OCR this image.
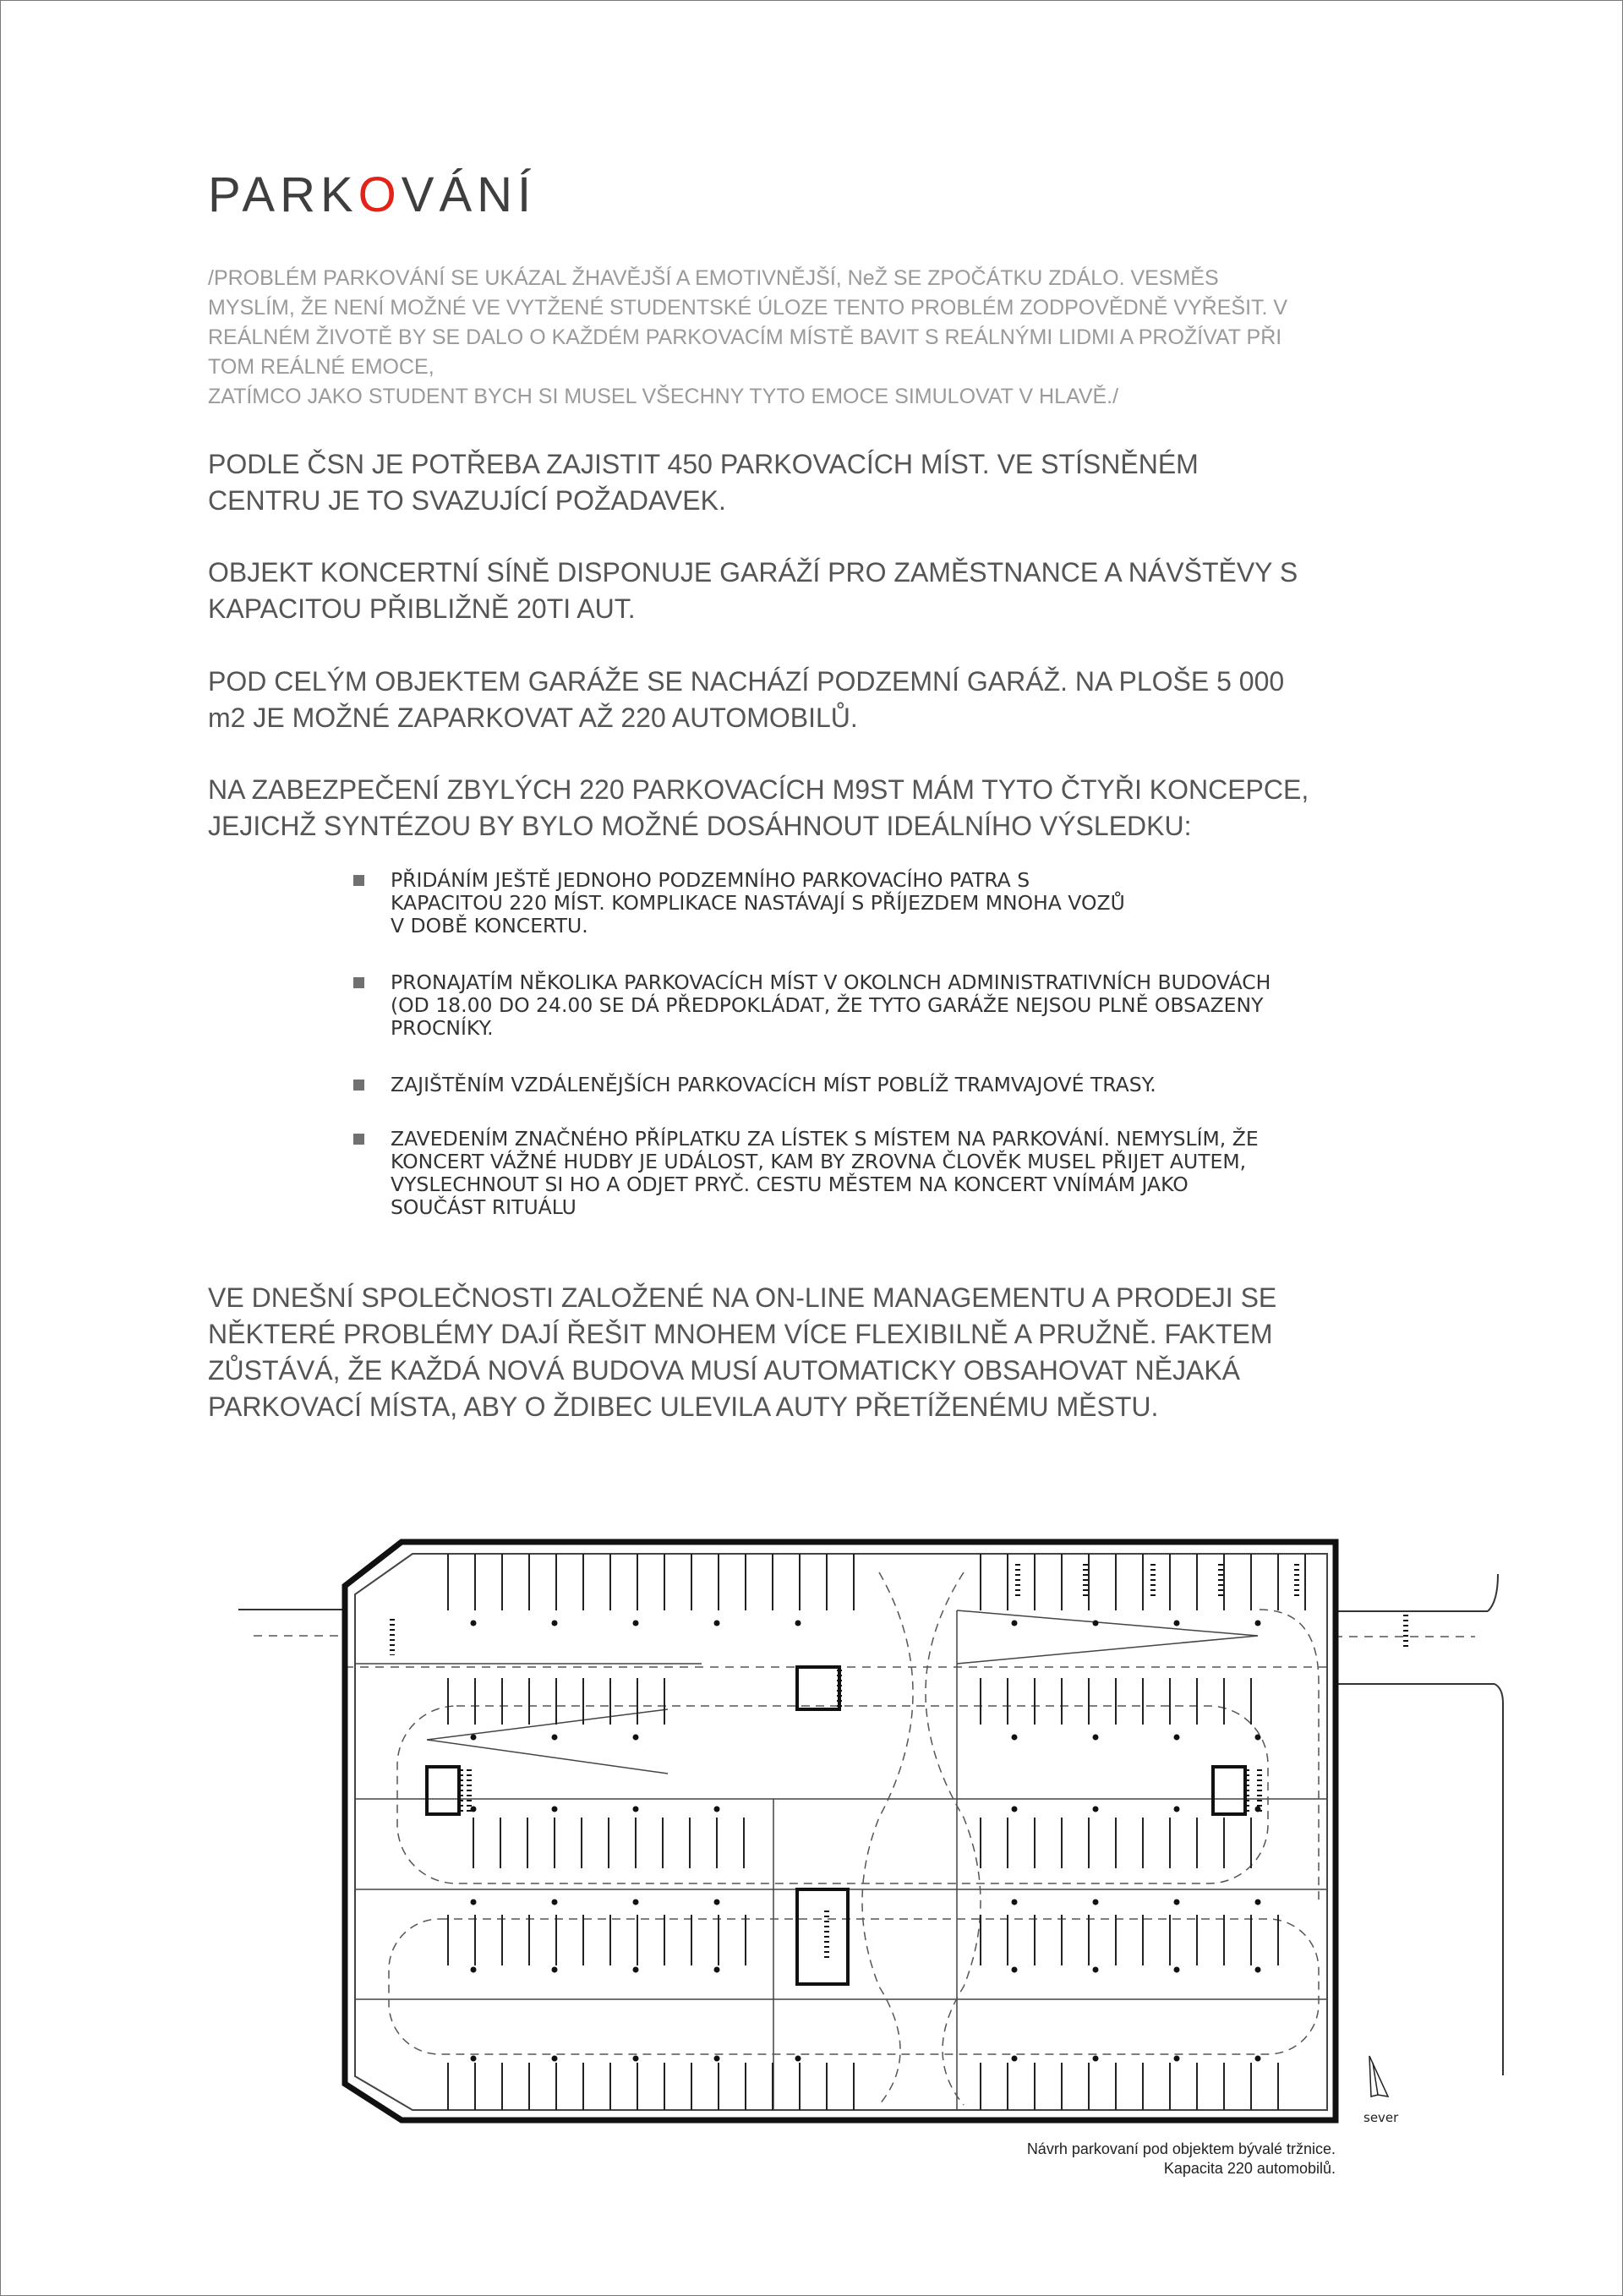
PARKOVÁNÍ

/PROBLÉM PARKOVÁNÍ SE UKÁZAL ŽHAVĚJŠÍ A EMOTIVNĚJŠÍ, NeŽ SE ZPOČÁTKU ZDÁLO. VESMĚS
MYSLÍM, ŽE NENÍ MOŽNÉ VE VYTŽENÉ STUDENTSKÉ ÚLOZE TENTO PROBLÉM ZODPOVĚDNĚ VYŘEŠIT. V
REÁLNÉM ŽIVOTĚ BY SE DALO O KAŽDÉM PARKOVACÍM MÍSTĚ BAVIT S REÁLNÝMI LIDMI A PROŽÍVAT PŘI
TOM REÁLNÉ EMOCE,
ZATÍMCO JAKO STUDENT BYCH SI MUSEL VŠECHNY TYTO EMOCE SIMULOVAT V HLAVĚ./

PODLE ČSN JE POTŘEBA ZAJISTIT 450 PARKOVACÍCH MÍST. VE STÍSNĚNÉM
CENTRU JE TO SVAZUJÍCÍ POŽADAVEK.

OBJEKT KONCERTNÍ SÍNĚ DISPONUJE GARÁŽÍ PRO ZAMĚSTNANCE A NÁVŠTĚVY S
KAPACITOU PŘIBLIŽNĚ 20TI AUT.

POD CELÝM OBJEKTEM GARÁŽE SE NACHÁZÍ PODZEMNÍ GARÁŽ. NA PLOŠE 5 000
m2 JE MOŽNÉ ZAPARKOVAT AŽ 220 AUTOMOBILŮ.

NA ZABEZPEČENÍ ZBYLÝCH 220 PARKOVACÍCH M9ST MÁM TYTO ČTYŘI KONCEPCE,
JEJICHŽ SYNTÉZOU BY BYLO MOŽNÉ DOSÁHNOUT IDEÁLNÍHO VÝSLEDKU:

PŘIDÁNÍM JEŠTĚ JEDNOHO PODZEMNÍHO PARKOVACÍHO PATRA S
KAPACITOU 220 MÍST. KOMPLIKACE NASTÁVAJÍ S PŘÍJEZDEM MNOHA VOZŮ
V DOBĚ KONCERTU.
PRONAJATÍM NĚKOLIKA PARKOVACÍCH MÍST V OKOLNCH ADMINISTRATIVNÍCH BUDOVÁCH
(OD 18.00 DO 24.00 SE DÁ PŘEDPOKLÁDAT, ŽE TYTO GARÁŽE NEJSOU PLNĚ OBSAZENY
PROCNÍKY.
ZAJIŠTĚNÍM VZDÁLENĚJŠÍCH PARKOVACÍCH MÍST POBLÍŽ TRAMVAJOVÉ TRASY.
ZAVEDENÍM ZNAČNÉHO PŘÍPLATKU ZA LÍSTEK S MÍSTEM NA PARKOVÁNÍ. NEMYSLÍM, ŽE
KONCERT VÁŽNÉ HUDBY JE UDÁLOST, KAM BY ZROVNA ČLOVĚK MUSEL PŘIJET AUTEM,
VYSLECHNOUT SI HO A ODJET PRYČ. CESTU MĚSTEM NA KONCERT VNÍMÁM JAKO
SOUČÁST RITUÁLU

VE DNEŠNÍ SPOLEČNOSTI ZALOŽENÉ NA ON-LINE MANAGEMENTU A PRODEJI SE
NĚKTERÉ PROBLÉMY DAJÍ ŘEŠIT MNOHEM VÍCE FLEXIBILNĚ A PRUŽNĚ. FAKTEM
ZŮSTÁVÁ, ŽE KAŽDÁ NOVÁ BUDOVA MUSÍ AUTOMATICKY OBSAHOVAT NĚJAKÁ
PARKOVACÍ MÍSTA, ABY O ŽDIBEC ULEVILA AUTY PŘETÍŽENÉMU MĚSTU.

sever
Návrh parkovaní pod objektem bývalé tržnice.
Kapacita 220 automobilů.
